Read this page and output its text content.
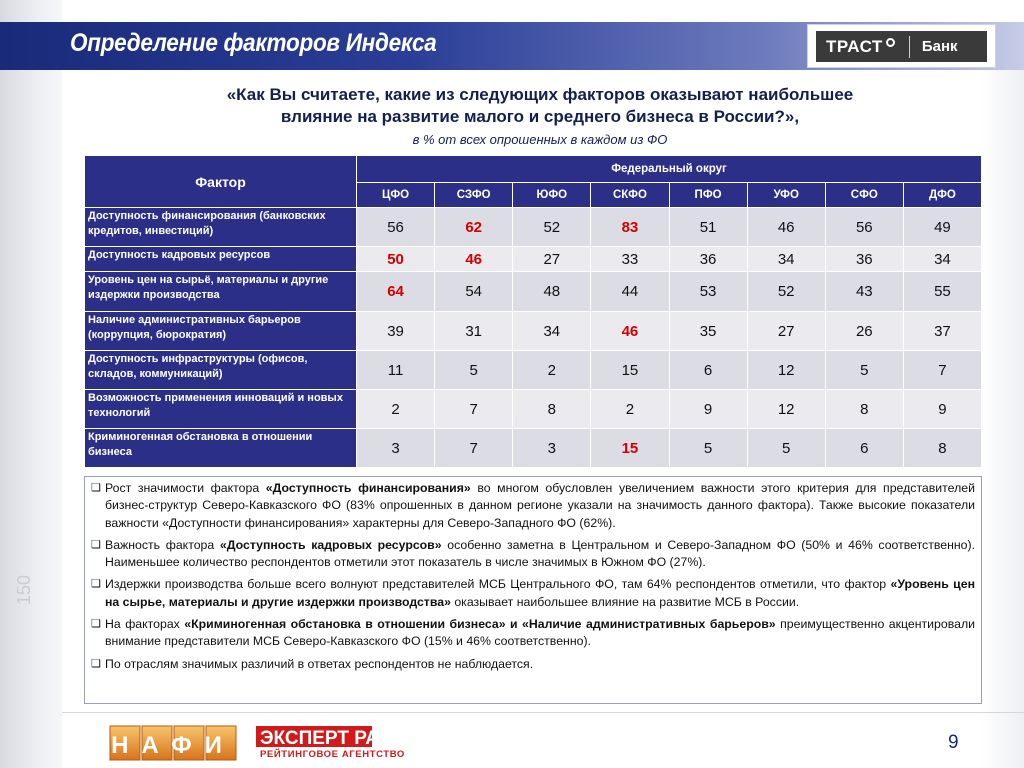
150
Определение факторов Индекса	ТРАСТ	Банк
«Как Вы считаете, какие из следующих факторов оказывают наибольшее
влияние на развитие малого и среднего бизнеса в России?»,
в % от всех опрошенных в каждом из ФО
Фактор	Федеральный округ							
	ЦФО	СЗФО	ЮФО	СКФО	ПФО	УФО	СФО	ДФО
Доступность финансирования (банковских кредитов, инвестиций)	56	62	52	83	51	46	56	49
Доступность кадровых ресурсов	50	46	27	33	36	34	36	34
Уровень цен на сырьё, материалы и другие издержки производства	64	54	48	44	53	52	43	55
Наличие административных барьеров (коррупция, бюрократия)	39	31	34	46	35	27	26	37
Доступность инфраструктуры (офисов, складов, коммуникаций)	11	5	2	15	6	12	5	7
Возможность применения инноваций и новых технологий	2	7	8	2	9	12	8	9
Криминогенная обстановка в отношении бизнеса	3	7	3	15	5	5	6	8
❏ Рост значимости фактора «Доступность финансирования» во многом обусловлен увеличением важности этого критерия для представителей бизнес-структур Северо-Кавказского ФО (83% опрошенных в данном регионе указали на значимость данного фактора). Также высокие показатели важности «Доступности финансирования» характерны для Северо-Западного ФО (62%).
❏ Важность фактора «Доступность кадровых ресурсов» особенно заметна в Центральном и Северо-Западном ФО (50% и 46% соответственно). Наименьшее количество респондентов отметили этот показатель в числе значимых в Южном ФО (27%).
❏ Издержки производства больше всего волнуют представителей МСБ Центрального ФО, там 64% респондентов отметили, что фактор «Уровень цен на сырье, материалы и другие издержки производства» оказывает наибольшее влияние на развитие МСБ в России.
❏ На факторах «Криминогенная обстановка в отношении бизнеса» и «Наличие административных барьеров» преимущественно акцентировали внимание представители МСБ Северо-Кавказского ФО (15% и 46% соответственно).
❏ По отраслям значимых различий в ответах респондентов не наблюдается.
НАФИ ЭКСПЕРТ РА
РЕЙТИНГОВОЕ АГЕНТСТВО
9
